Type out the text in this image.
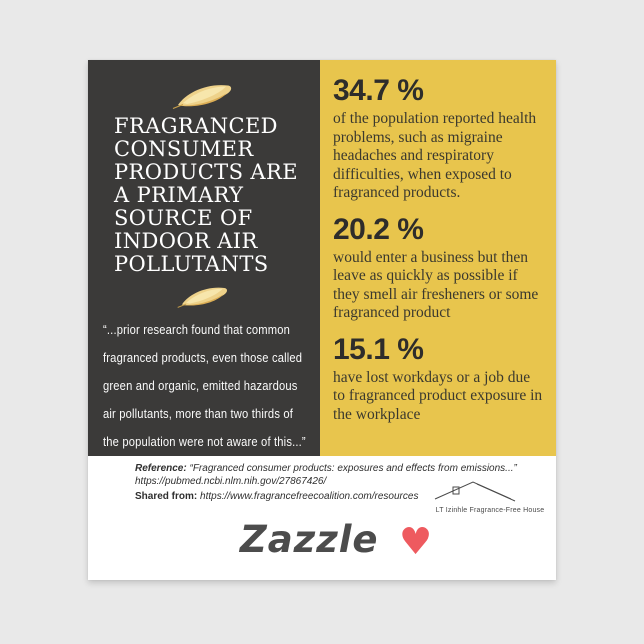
FRAGRANCED
CONSUMER
PRODUCTS ARE
A PRIMARY
SOURCE OF
INDOOR AIR
POLLUTANTS
“...prior research found that common
fragranced products, even those called
green and organic, emitted hazardous
air pollutants, more than two thirds of
the population were not aware of this...”
34.7 %
of the population reported health problems, such as migraine headaches and respiratory difficulties, when exposed to fragranced products.
20.2 %
would enter a business but then leave as quickly as possible if they smell air fresheners or some fragranced product
15.1 %
have lost workdays or a job due to fragranced product exposure in the workplace
Reference: “Fragranced consumer products: exposures and effects from emissions...”
https://pubmed.ncbi.nlm.nih.gov/27867426/
Shared from: https://www.fragrancefreecoalition.com/resources
LT Izinhle Fragrance-Free House
Zazzle ♥
